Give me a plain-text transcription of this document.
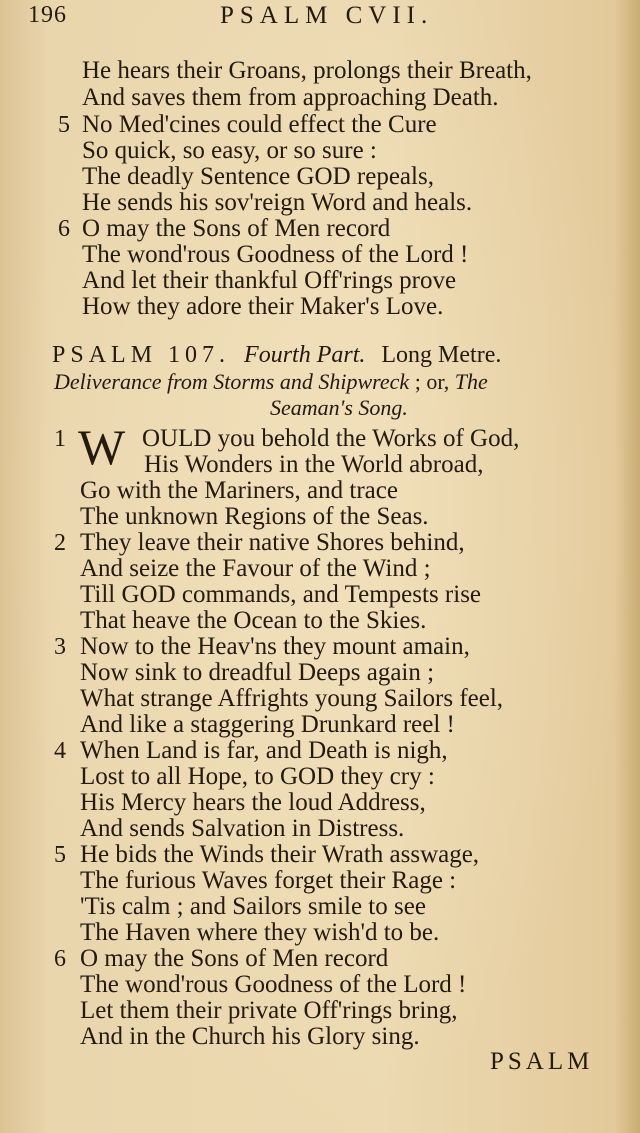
196	PSALM CVII.
He hears their Groans, prolongs their Breath,
And saves them from approaching Death.
5 No Med'cines could effect the Cure
So quick, so easy, or so sure :
The deadly Sentence GOD repeals,
He sends his sov'reign Word and heals.
6 O may the Sons of Men record
The wond'rous Goodness of the Lord !
And let their thankful Off'rings prove
How they adore their Maker's Love.
PSALM 107. Fourth Part. Long Metre.
Deliverance from Storms and Shipwreck ; or, The
Seaman's Song.
1 W OULD you behold the Works of God,
His Wonders in the World abroad,
Go with the Mariners, and trace
The unknown Regions of the Seas.
2 They leave their native Shores behind,
And seize the Favour of the Wind ;
Till GOD commands, and Tempests rise
That heave the Ocean to the Skies.
3 Now to the Heav'ns they mount amain,
Now sink to dreadful Deeps again ;
What strange Affrights young Sailors feel,
And like a staggering Drunkard reel !
4 When Land is far, and Death is nigh,
Lost to all Hope, to GOD they cry :
His Mercy hears the loud Address,
And sends Salvation in Distress.
5 He bids the Winds their Wrath asswage,
The furious Waves forget their Rage :
'Tis calm ; and Sailors smile to see
The Haven where they wish'd to be.
6 O may the Sons of Men record
The wond'rous Goodness of the Lord !
Let them their private Off'rings bring,
And in the Church his Glory sing.
PSALM
